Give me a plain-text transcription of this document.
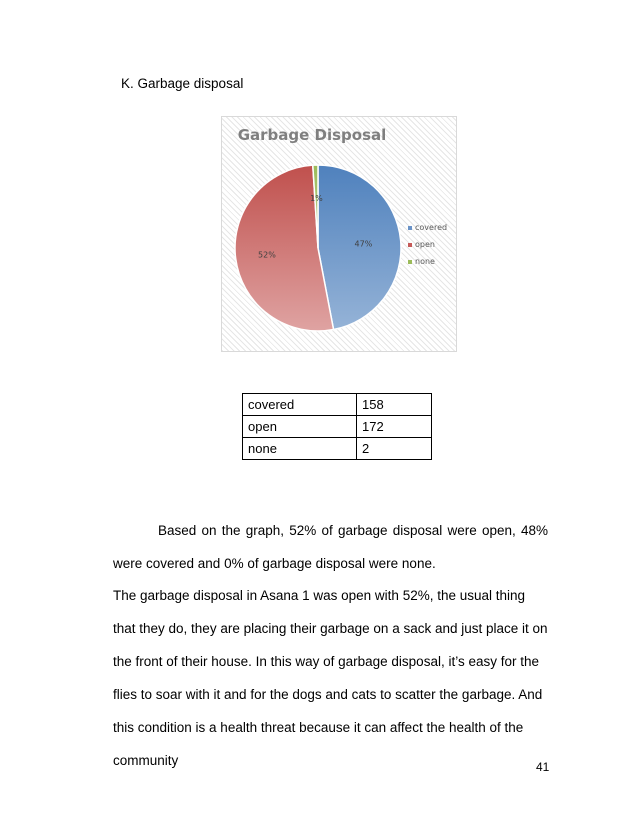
K. Garbage disposal
Garbage Disposal
47%
52%
1%
covered
open
none
covered	158
open	172
none	2

Based on the graph, 52% of garbage disposal were open, 48% were covered and 0% of garbage disposal were none.

The garbage disposal in Asana 1 was open with 52%, the usual thing that they do, they are placing their garbage on a sack and just place it on the front of their house. In this way of garbage disposal, it’s easy for the flies to soar with it and for the dogs and cats to scatter the garbage. And this condition is a health threat because it can affect the health of the community	41
